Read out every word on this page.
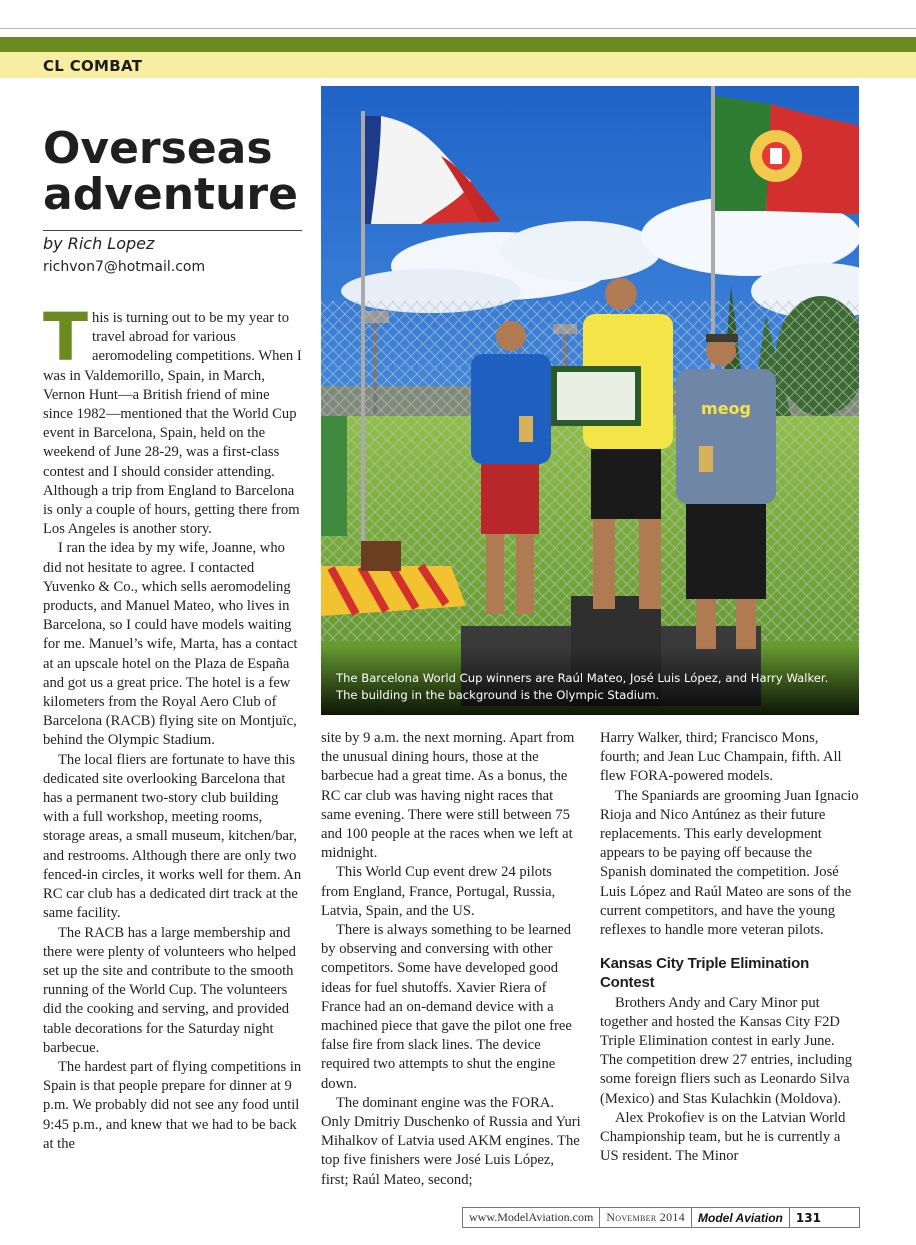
CL COMBAT
Overseas adventure
by Rich Lopez
richvon7@hotmail.com

This is turning out to be my year to travel abroad for various aeromodeling competitions. When I was in Valdemorillo, Spain, in March, Vernon Hunt—a British friend of mine since 1982—mentioned that the World Cup event in Barcelona, Spain, held on the weekend of June 28-29, was a first-class contest and I should consider attending. Although a trip from England to Barcelona is only a couple of hours, getting there from Los Angeles is another story.

I ran the idea by my wife, Joanne, who did not hesitate to agree. I contacted Yuvenko & Co., which sells aeromodeling products, and Manuel Mateo, who lives in Barcelona, so I could have models waiting for me. Manuel’s wife, Marta, has a contact at an upscale hotel on the Plaza de España and got us a great price. The hotel is a few kilometers from the Royal Aero Club of Barcelona (RACB) flying site on Montjuïc, behind the Olympic Stadium.

The local fliers are fortunate to have this dedicated site overlooking Barcelona that has a permanent two-story club building with a full workshop, meeting rooms, storage areas, a small museum, kitchen/bar, and restrooms. Although there are only two fenced-in circles, it works well for them. An RC car club has a dedicated dirt track at the same facility.

The RACB has a large membership and there were plenty of volunteers who helped set up the site and contribute to the smooth running of the World Cup. The volunteers did the cooking and serving, and provided table decorations for the Saturday night barbecue.

The hardest part of flying competitions in Spain is that people prepare for dinner at 9 p.m. We probably did not see any food until 9:45 p.m., and knew that we had to be back at the

meog
The Barcelona World Cup winners are Raúl Mateo, José Luis López, and Harry Walker. The building in the background is the Olympic Stadium.

site by 9 a.m. the next morning. Apart from the unusual dining hours, those at the barbecue had a great time. As a bonus, the RC car club was having night races that same evening. There were still between 75 and 100 people at the races when we left at midnight.

This World Cup event drew 24 pilots from England, France, Portugal, Russia, Latvia, Spain, and the US.

There is always something to be learned by observing and conversing with other competitors. Some have developed good ideas for fuel shutoffs. Xavier Riera of France had an on-demand device with a machined piece that gave the pilot one free false fire from slack lines. The device required two attempts to shut the engine down.

The dominant engine was the FORA. Only Dmitriy Duschenko of Russia and Yuri Mihalkov of Latvia used AKM engines. The top five finishers were José Luis López, first; Raúl Mateo, second;

Harry Walker, third; Francisco Mons, fourth; and Jean Luc Champain, fifth. All flew FORA-powered models.

The Spaniards are grooming Juan Ignacio Rioja and Nico Antúnez as their future replacements. This early development appears to be paying off because the Spanish dominated the competition. José Luis López and Raúl Mateo are sons of the current competitors, and have the young reflexes to handle more veteran pilots.

Kansas City Triple Elimination Contest

Brothers Andy and Cary Minor put together and hosted the Kansas City F2D Triple Elimination contest in early June. The competition drew 27 entries, including some foreign fliers such as Leonardo Silva (Mexico) and Stas Kulachkin (Moldova).

Alex Prokofiev is on the Latvian World Championship team, but he is currently a US resident. The Minor

www.ModelAviation.com	November 2014	Model Aviation	131
